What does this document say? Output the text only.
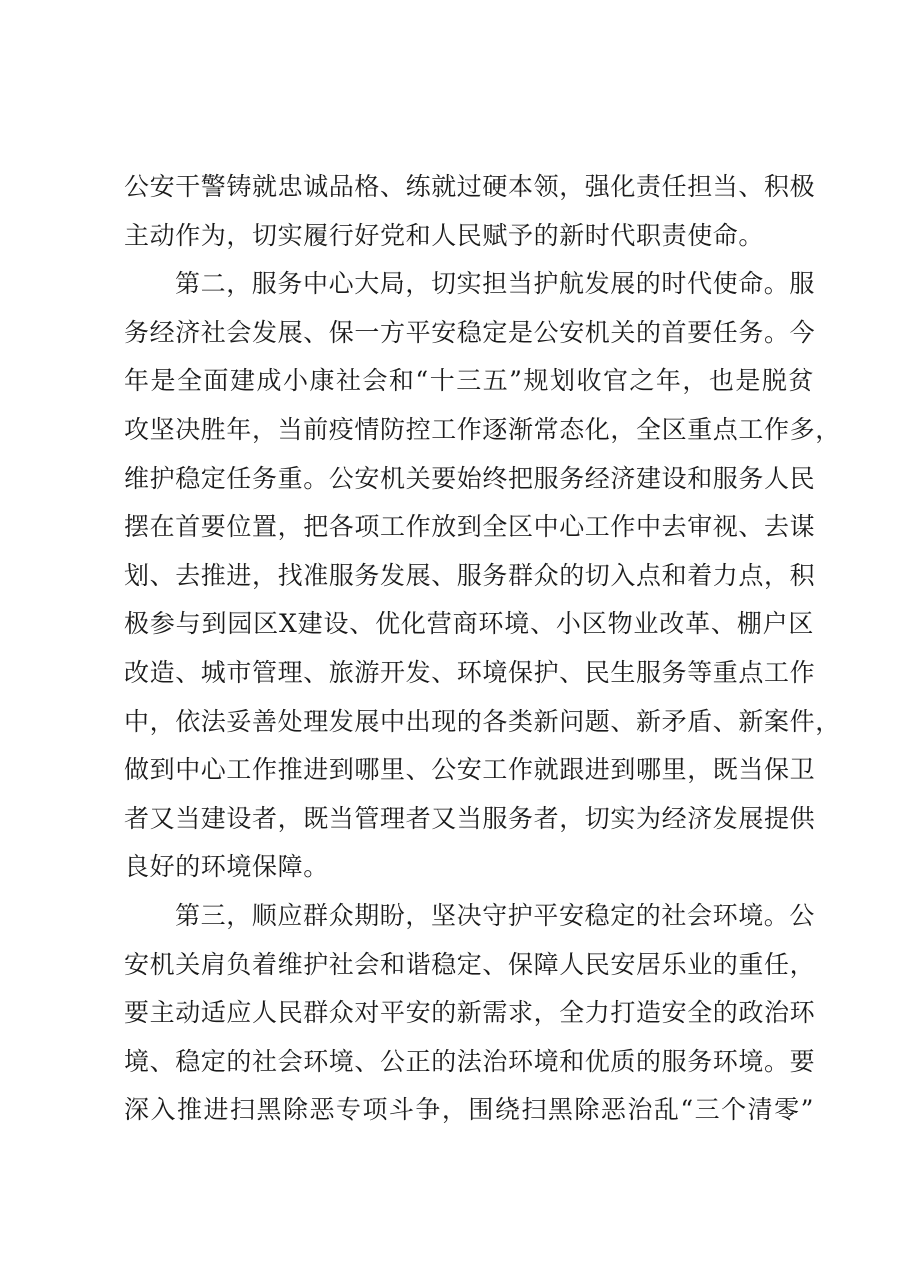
公安干警铸就忠诚品格、练就过硬本领，强化责任担当、积极
主动作为，切实履行好党和人民赋予的新时代职责使命。
第二，服务中心大局，切实担当护航发展的时代使命。服
务经济社会发展、保一方平安稳定是公安机关的首要任务。今
年是全面建成小康社会和“十三五”规划收官之年，也是脱贫
攻坚决胜年，当前疫情防控工作逐渐常态化，全区重点工作多，
维护稳定任务重。公安机关要始终把服务经济建设和服务人民
摆在首要位置，把各项工作放到全区中心工作中去审视、去谋
划、去推进，找准服务发展、服务群众的切入点和着力点，积
极参与到园区X建设、优化营商环境、小区物业改革、棚户区
改造、城市管理、旅游开发、环境保护、民生服务等重点工作
中，依法妥善处理发展中出现的各类新问题、新矛盾、新案件，
做到中心工作推进到哪里、公安工作就跟进到哪里，既当保卫
者又当建设者，既当管理者又当服务者，切实为经济发展提供
良好的环境保障。
第三，顺应群众期盼，坚决守护平安稳定的社会环境。公
安机关肩负着维护社会和谐稳定、保障人民安居乐业的重任，
要主动适应人民群众对平安的新需求，全力打造安全的政治环
境、稳定的社会环境、公正的法治环境和优质的服务环境。要
深入推进扫黑除恶专项斗争，围绕扫黑除恶治乱“三个清零”
